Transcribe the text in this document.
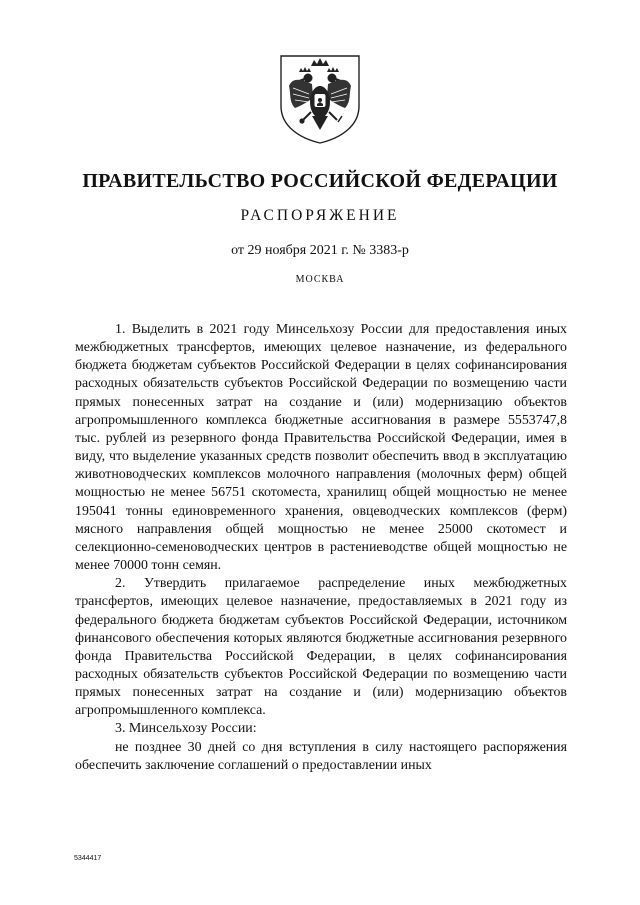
ПРАВИТЕЛЬСТВО РОССИЙСКОЙ ФЕДЕРАЦИИ
РАСПОРЯЖЕНИЕ
от 29 ноября 2021 г. № 3383-р
МОСКВА

1. Выделить в 2021 году Минсельхозу России для предоставления иных межбюджетных трансфертов, имеющих целевое назначение, из федерального бюджета бюджетам субъектов Российской Федерации в целях софинансирования расходных обязательств субъектов Российской Федерации по возмещению части прямых понесенных затрат на создание и (или) модернизацию объектов агропромышленного комплекса бюджетные ассигнования в размере 5553747,8 тыс. рублей из резервного фонда Правительства Российской Федерации, имея в виду, что выделение указанных средств позволит обеспечить ввод в эксплуатацию животноводческих комплексов молочного направления (молочных ферм) общей мощностью не менее 56751 скотоместа, хранилищ общей мощностью не менее 195041 тонны единовременного хранения, овцеводческих комплексов (ферм) мясного направления общей мощностью не менее 25000 скотомест и селекционно-семеноводческих центров в растениеводстве общей мощностью не менее 70000 тонн семян.

2. Утвердить прилагаемое распределение иных межбюджетных трансфертов, имеющих целевое назначение, предоставляемых в 2021 году из федерального бюджета бюджетам субъектов Российской Федерации, источником финансового обеспечения которых являются бюджетные ассигнования резервного фонда Правительства Российской Федерации, в целях софинансирования расходных обязательств субъектов Российской Федерации по возмещению части прямых понесенных затрат на создание и (или) модернизацию объектов агропромышленного комплекса.

3. Минсельхозу России:

не позднее 30 дней со дня вступления в силу настоящего распоряжения обеспечить заключение соглашений о предоставлении иных

5344417
